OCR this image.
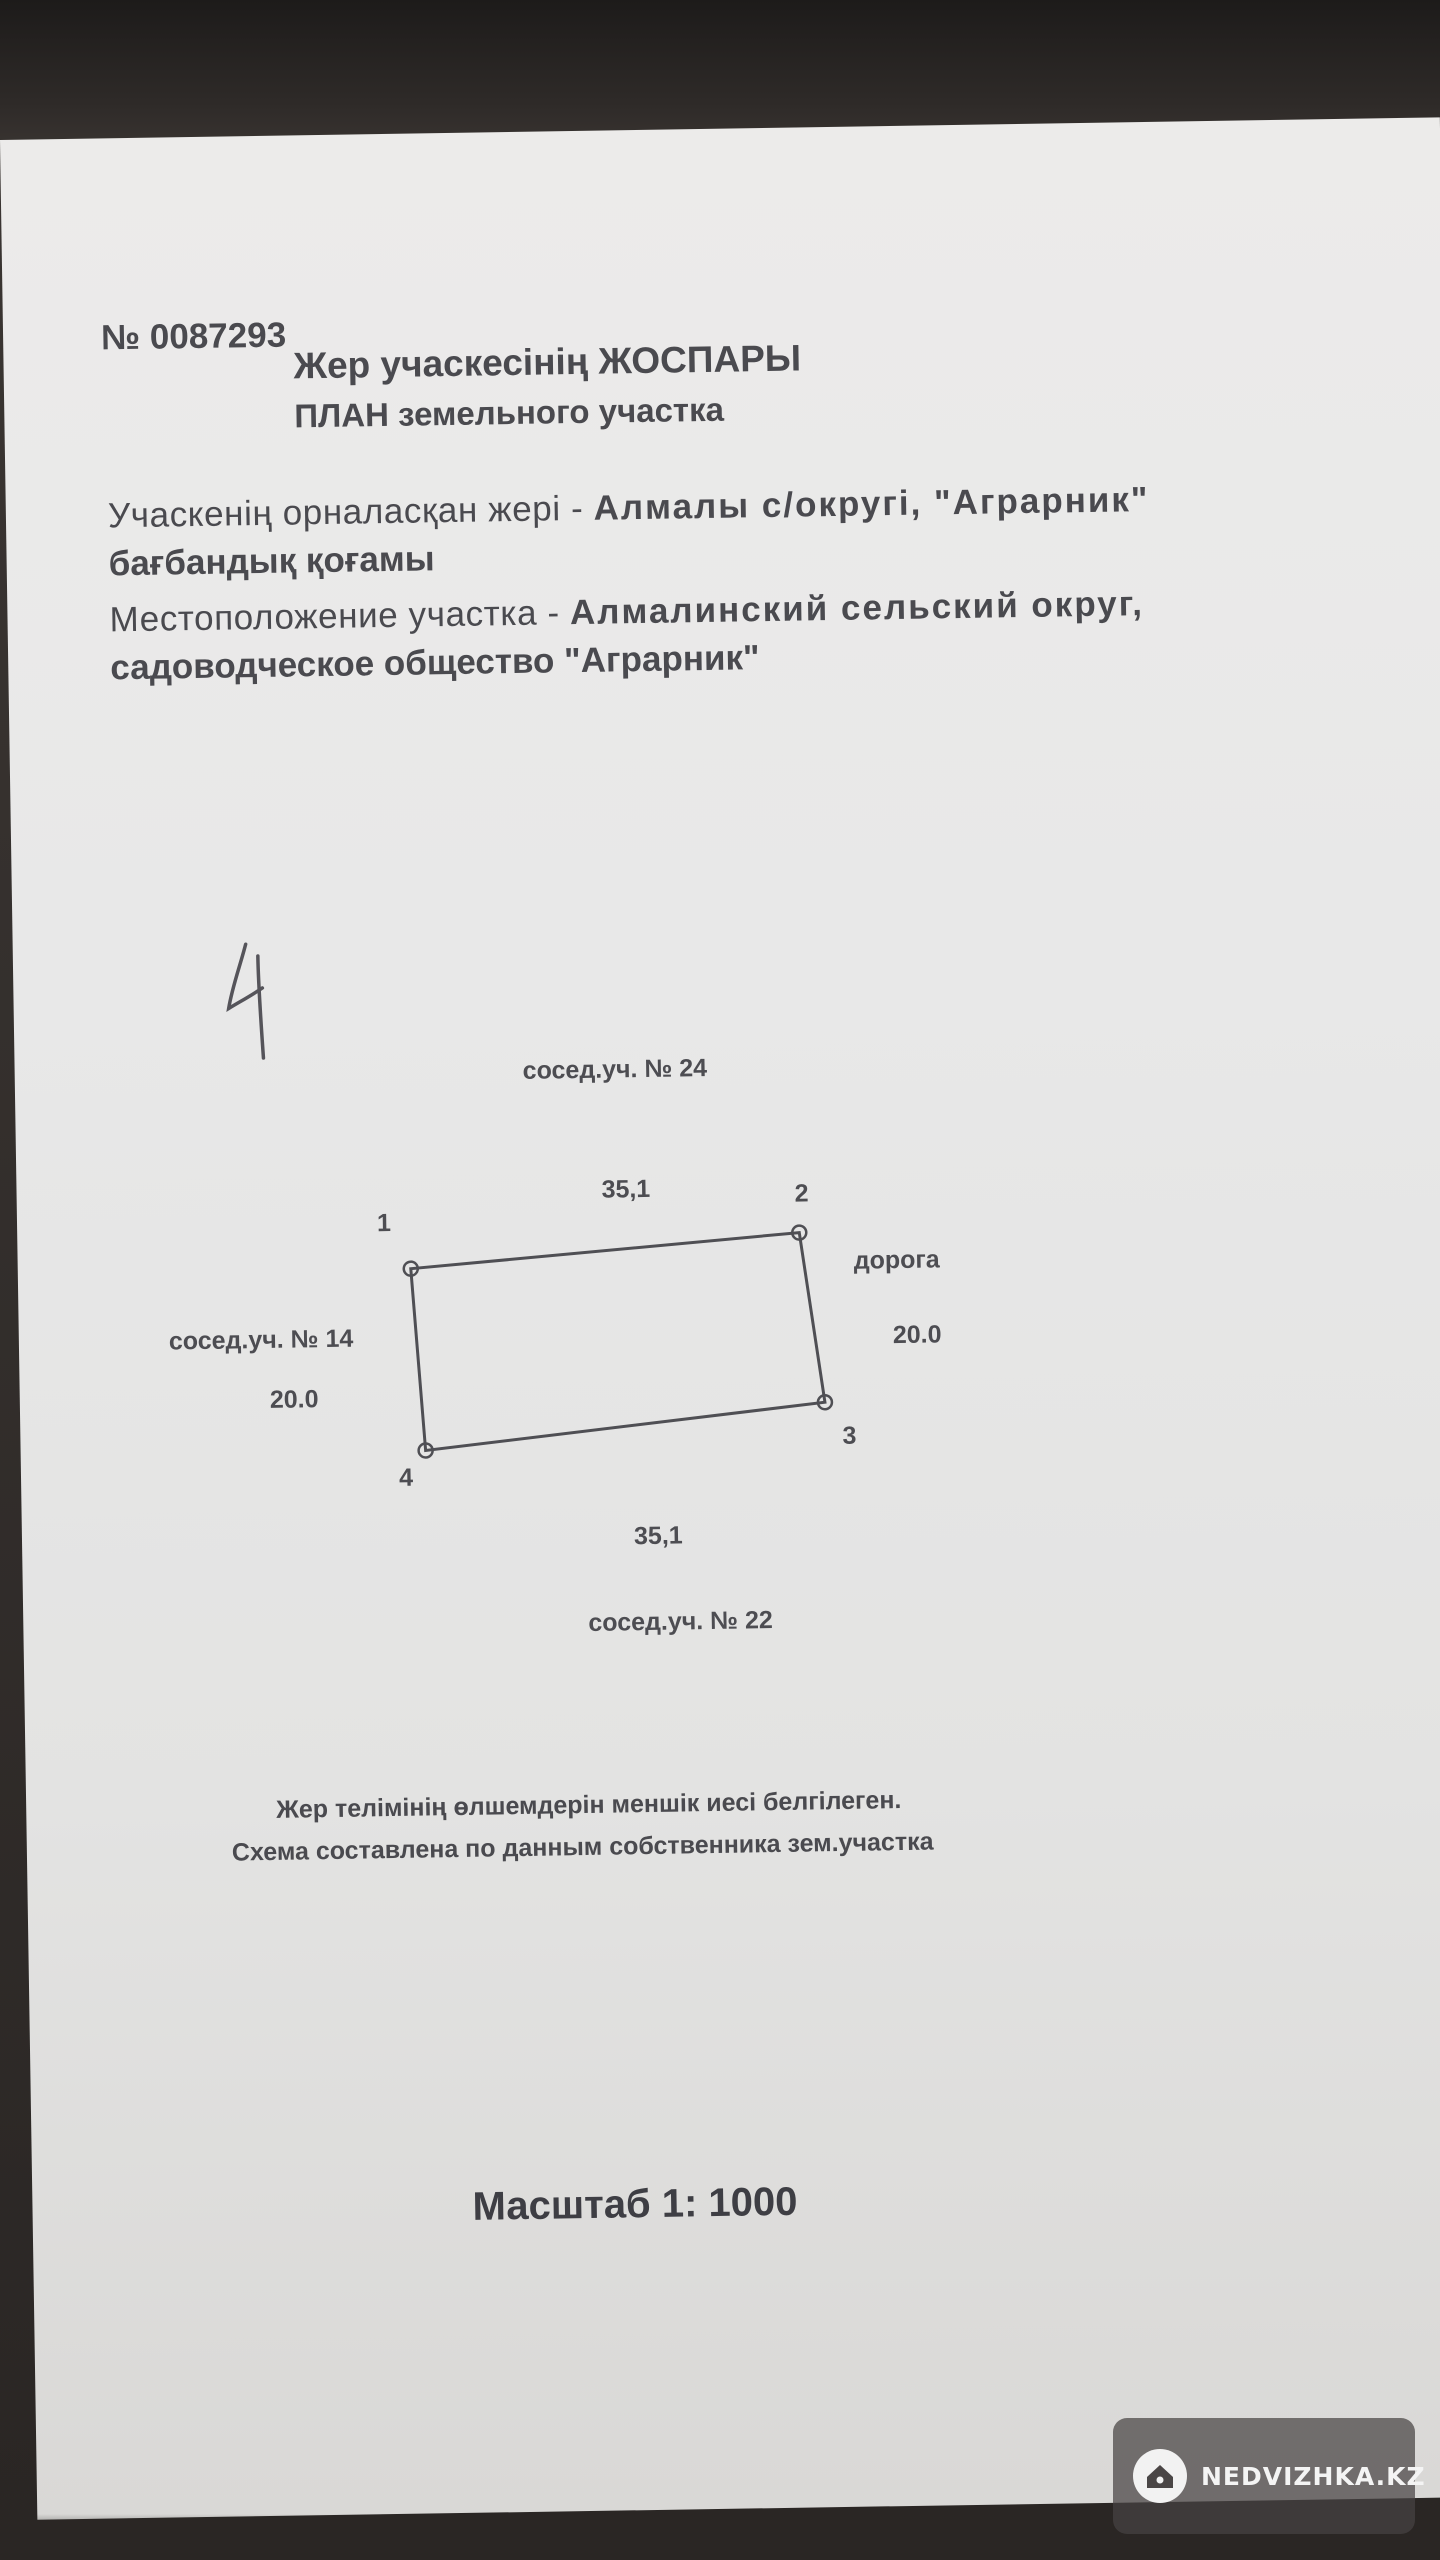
№ 0087293
Жер учаскесінің ЖОСПАРЫ
ПЛАН земельного участка
Учаскенің орналасқан жері - Алмалы с/округі, "Аграрник"
бағбандық қоғамы
Местоположение участка - Алмалинский сельский округ,
садоводческое общество "Аграрник"
сосед.уч. № 24
35,1
1
2
дорога
сосед.уч. № 14	20.0
20.0
3
4
35,1
сосед.уч. № 22
Жер телімінің өлшемдерін меншік иесі белгілеген.
Схема составлена по данным собственника зем.участка
Масштаб 1: 1000
NEDVIZHKA.KZ
